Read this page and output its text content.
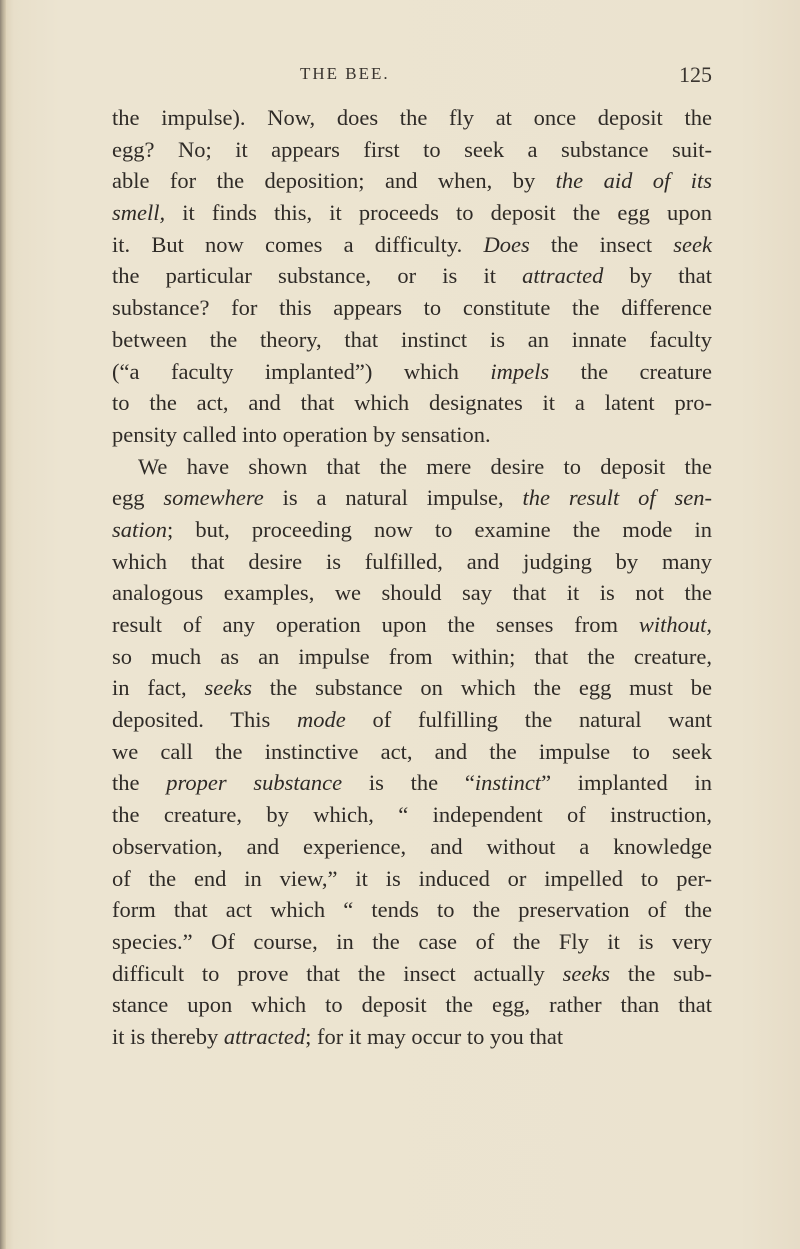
THE BEE.	125
the impulse). Now, does the fly at once deposit the
egg? No; it appears first to seek a substance suit-
able for the deposition; and when, by the aid of its
smell, it finds this, it proceeds to deposit the egg upon
it. But now comes a difficulty. Does the insect seek
the particular substance, or is it attracted by that
substance? for this appears to constitute the difference
between the theory, that instinct is an innate faculty
(“a faculty implanted”) which impels the creature
to the act, and that which designates it a latent pro-
pensity called into operation by sensation.
We have shown that the mere desire to deposit the
egg somewhere is a natural impulse, the result of sen-
sation; but, proceeding now to examine the mode in
which that desire is fulfilled, and judging by many
analogous examples, we should say that it is not the
result of any operation upon the senses from without,
so much as an impulse from within; that the creature,
in fact, seeks the substance on which the egg must be
deposited. This mode of fulfilling the natural want
we call the instinctive act, and the impulse to seek
the proper substance is the “instinct” implanted in
the creature, by which, “ independent of instruction,
observation, and experience, and without a knowledge
of the end in view,” it is induced or impelled to per-
form that act which “ tends to the preservation of the
species.” Of course, in the case of the Fly it is very
difficult to prove that the insect actually seeks the sub-
stance upon which to deposit the egg, rather than that
it is thereby attracted; for it may occur to you that
